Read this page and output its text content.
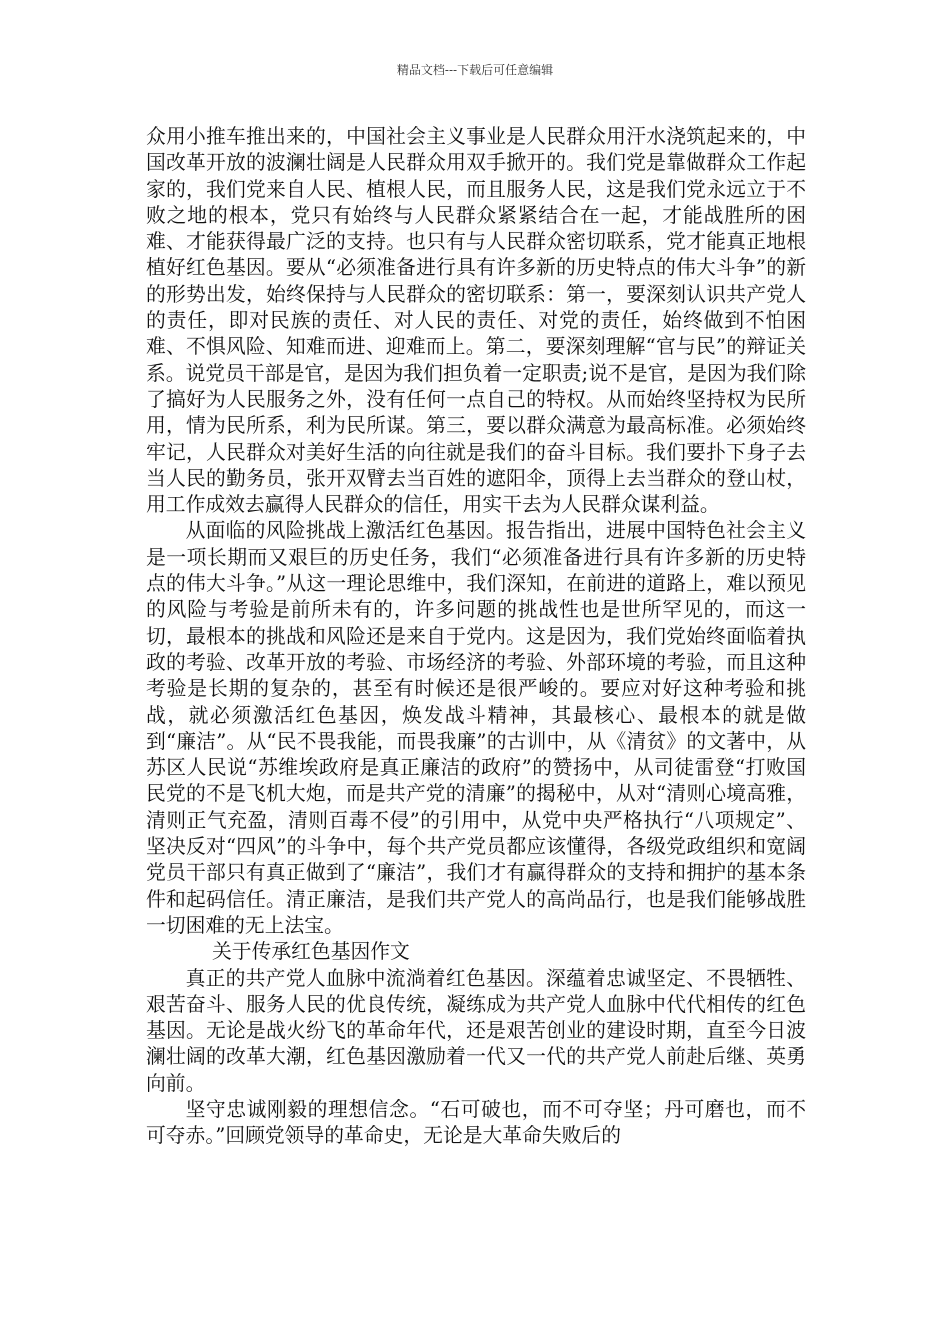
精品文档---下载后可任意编辑

众用小推车推出来的，中国社会主义事业是人民群众用汗水浇筑起来的，中国改革开放的波澜壮阔是人民群众用双手掀开的。我们党是靠做群众工作起家的，我们党来自人民、植根人民，而且服务人民，这是我们党永远立于不败之地的根本，党只有始终与人民群众紧紧结合在一起，才能战胜所的困难、才能获得最广泛的支持。也只有与人民群众密切联系，党才能真正地根植好红色基因。要从“必须准备进行具有许多新的历史特点的伟大斗争”的新的形势出发，始终保持与人民群众的密切联系：第一，要深刻认识共产党人的责任，即对民族的责任、对人民的责任、对党的责任，始终做到不怕困难、不惧风险、知难而进、迎难而上。第二，要深刻理解“官与民”的辩证关系。说党员干部是官，是因为我们担负着一定职责;说不是官，是因为我们除了搞好为人民服务之外，没有任何一点自己的特权。从而始终坚持权为民所用，情为民所系，利为民所谋。第三，要以群众满意为最高标准。必须始终牢记，人民群众对美好生活的向往就是我们的奋斗目标。我们要扑下身子去当人民的勤务员，张开双臂去当百姓的遮阳伞，顶得上去当群众的登山杖，用工作成效去赢得人民群众的信任，用实干去为人民群众谋利益。

从面临的风险挑战上激活红色基因。报告指出，进展中国特色社会主义是一项长期而又艰巨的历史任务，我们“必须准备进行具有许多新的历史特点的伟大斗争。”从这一理论思维中，我们深知，在前进的道路上，难以预见的风险与考验是前所未有的，许多问题的挑战性也是世所罕见的，而这一切，最根本的挑战和风险还是来自于党内。这是因为，我们党始终面临着执政的考验、改革开放的考验、市场经济的考验、外部环境的考验，而且这种考验是长期的复杂的，甚至有时候还是很严峻的。要应对好这种考验和挑战，就必须激活红色基因，焕发战斗精神，其最核心、最根本的就是做到“廉洁”。从“民不畏我能，而畏我廉”的古训中，从《清贫》的文著中，从苏区人民说“苏维埃政府是真正廉洁的政府”的赞扬中，从司徒雷登“打败国民党的不是飞机大炮，而是共产党的清廉”的揭秘中，从对“清则心境高雅，清则正气充盈，清则百毒不侵”的引用中，从党中央严格执行“八项规定”、坚决反对“四风”的斗争中，每个共产党员都应该懂得，各级党政组织和宽阔党员干部只有真正做到了“廉洁”，我们才有赢得群众的支持和拥护的基本条件和起码信任。清正廉洁，是我们共产党人的高尚品行，也是我们能够战胜一切困难的无上法宝。

关于传承红色基因作文

真正的共产党人血脉中流淌着红色基因。深蕴着忠诚坚定、不畏牺牲、艰苦奋斗、服务人民的优良传统，凝练成为共产党人血脉中代代相传的红色基因。无论是战火纷飞的革命年代，还是艰苦创业的建设时期，直至今日波澜壮阔的改革大潮，红色基因激励着一代又一代的共产党人前赴后继、英勇向前。

坚守忠诚刚毅的理想信念。“石可破也，而不可夺坚；丹可磨也，而不可夺赤。”回顾党领导的革命史，无论是大革命失败后的
